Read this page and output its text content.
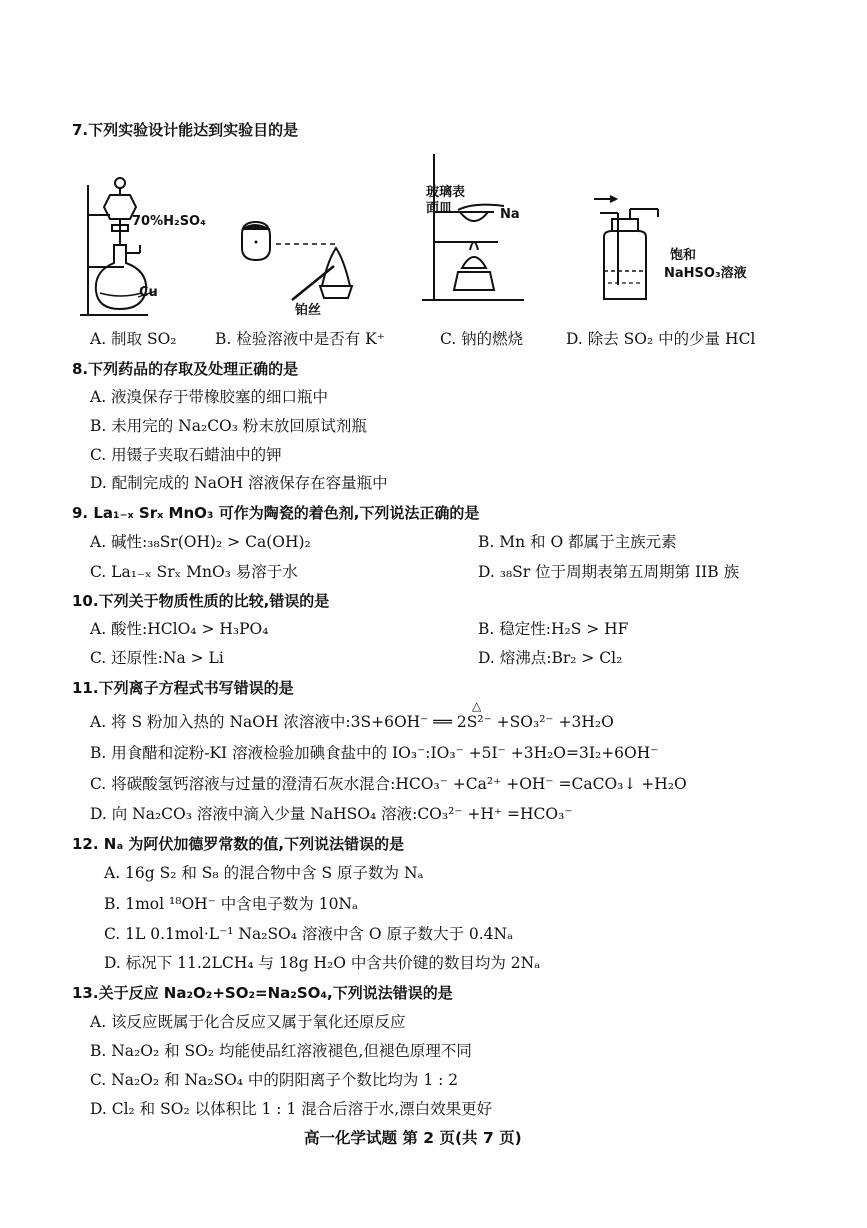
7.下列实验设计能达到实验目的是
70%H₂SO₄
Cu
铂丝
玻璃表
面皿	Na
饱和
NaHSO₃溶液
A. 制取 SO₂ B. 检验溶液中是否有 K⁺	C. 钠的燃烧	D. 除去 SO₂ 中的少量 HCl
8.下列药品的存取及处理正确的是
A. 液溴保存于带橡胶塞的细口瓶中
B. 未用完的 Na₂CO₃ 粉末放回原试剂瓶
C. 用镊子夹取石蜡油中的钾
D. 配制完成的 NaOH 溶液保存在容量瓶中
9. La₁₋ₓ Srₓ MnO₃ 可作为陶瓷的着色剂,下列说法正确的是
A. 碱性:₃₈Sr(OH)₂ > Ca(OH)₂	B. Mn 和 O 都属于主族元素
C. La₁₋ₓ Srₓ MnO₃ 易溶于水	D. ₃₈Sr 位于周期表第五周期第 IIB 族
10.下列关于物质性质的比较,错误的是
A. 酸性:HClO₄ > H₃PO₄	B. 稳定性:H₂S > HF
C. 还原性:Na > Li	D. 熔沸点:Br₂ > Cl₂
11.下列离子方程式书写错误的是
△
A. 将 S 粉加入热的 NaOH 浓溶液中:3S+6OH⁻ ══ 2S²⁻ +SO₃²⁻ +3H₂O
B. 用食醋和淀粉-KI 溶液检验加碘食盐中的 IO₃⁻:IO₃⁻ +5I⁻ +3H₂O=3I₂+6OH⁻
C. 将碳酸氢钙溶液与过量的澄清石灰水混合:HCO₃⁻ +Ca²⁺ +OH⁻ =CaCO₃↓ +H₂O
D. 向 Na₂CO₃ 溶液中滴入少量 NaHSO₄ 溶液:CO₃²⁻ +H⁺ =HCO₃⁻
12. Nₐ 为阿伏加德罗常数的值,下列说法错误的是
A. 16g S₂ 和 S₈ 的混合物中含 S 原子数为 Nₐ
B. 1mol ¹⁸OH⁻ 中含电子数为 10Nₐ
C. 1L 0.1mol·L⁻¹ Na₂SO₄ 溶液中含 O 原子数大于 0.4Nₐ
D. 标况下 11.2LCH₄ 与 18g H₂O 中含共价键的数目均为 2Nₐ
13.关于反应 Na₂O₂+SO₂=Na₂SO₄,下列说法错误的是
A. 该反应既属于化合反应又属于氧化还原反应
B. Na₂O₂ 和 SO₂ 均能使品红溶液褪色,但褪色原理不同
C. Na₂O₂ 和 Na₂SO₄ 中的阴阳离子个数比均为 1 : 2
D. Cl₂ 和 SO₂ 以体积比 1 : 1 混合后溶于水,漂白效果更好
高一化学试题 第 2 页(共 7 页)
